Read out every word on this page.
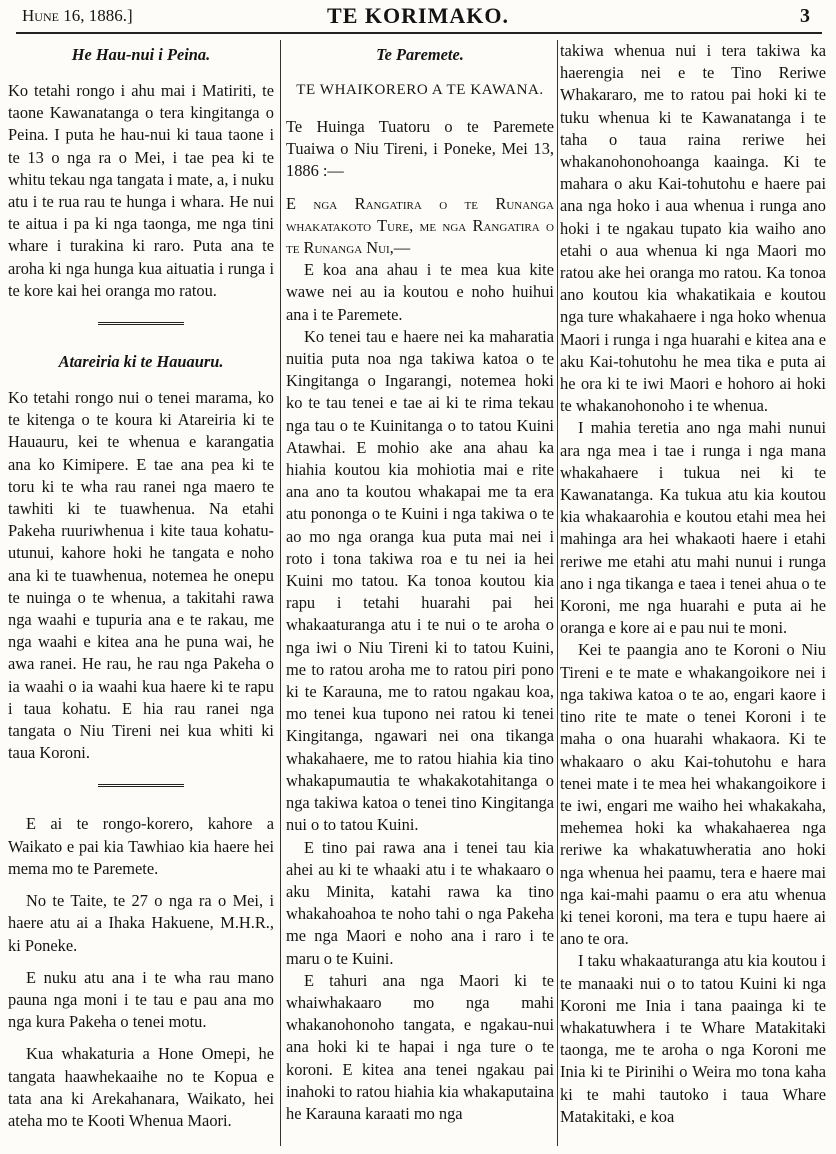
Hune 16, 1886.]	TE KORIMAKO.	3
He Hau-nui i Peina.

Ko tetahi rongo i ahu mai i Matiriti, te taone Kawanatanga o tera kingitanga o Peina. I puta he hau-nui ki taua taone i te 13 o nga ra o Mei, i tae pea ki te whitu tekau nga tangata i mate, a, i nuku atu i te rua rau te hunga i whara. He nui te aitua i pa ki nga taonga, me nga tini whare i turakina ki raro. Puta ana te aroha ki nga hunga kua aituatia i runga i te kore kai hei oranga mo ratou.

Atareiria ki te Hauauru.

Ko tetahi rongo nui o tenei marama, ko te kitenga o te koura ki Atareiria ki te Hauauru, kei te whenua e karangatia ana ko Kimipere. E tae ana pea ki te toru ki te wha rau ranei nga maero te tawhiti ki te tuawhenua. Na etahi Pakeha ruuriwhenua i kite taua kohatu-utunui, kahore hoki he tangata e noho ana ki te tuawhenua, notemea he onepu te nuinga o te whenua, a takitahi rawa nga waahi e tupuria ana e te rakau, me nga waahi e kitea ana he puna wai, he awa ranei. He rau, he rau nga Pakeha o ia waahi o ia waahi kua haere ki te rapu i taua kohatu. E hia rau ranei nga tangata o Niu Tireni nei kua whiti ki taua Koroni.

E ai te rongo-korero, kahore a Waikato e pai kia Tawhiao kia haere hei mema mo te Paremete.

No te Taite, te 27 o nga ra o Mei, i haere atu ai a Ihaka Hakuene, M.H.R., ki Poneke.

E nuku atu ana i te wha rau mano pauna nga moni i te tau e pau ana mo nga kura Pakeha o tenei motu.

Kua whakaturia a Hone Omepi, he tangata haawhekaaihe no te Kopua e tata ana ki Arekahanara, Waikato, hei ateha mo te Kooti Whenua Maori.

Te Paremete.
TE WHAIKORERO A TE KAWANA.

Te Huinga Tuatoru o te Paremete Tuaiwa o Niu Tireni, i Poneke, Mei 13, 1886 :—

E nga Rangatira o te Runanga whakatakoto Ture, me nga Rangatira o te Runanga Nui,—

E koa ana ahau i te mea kua kite wawe nei au ia koutou e noho huihui ana i te Paremete.

Ko tenei tau e haere nei ka maharatia nuitia puta noa nga takiwa katoa o te Kingitanga o Ingarangi, notemea hoki ko te tau tenei e tae ai ki te rima tekau nga tau o te Kuinitanga o to tatou Kuini Atawhai. E mohio ake ana ahau ka hiahia koutou kia mohiotia mai e rite ana ano ta koutou whakapai me ta era atu pononga o te Kuini i nga takiwa o te ao mo nga oranga kua puta mai nei i roto i tona takiwa roa e tu nei ia hei Kuini mo tatou. Ka tonoa koutou kia rapu i tetahi huarahi pai hei whakaaturanga atu i te nui o te aroha o nga iwi o Niu Tireni ki to tatou Kuini, me to ratou aroha me to ratou piri pono ki te Karauna, me to ratou ngakau koa, mo tenei kua tupono nei ratou ki tenei Kingitanga, ngawari nei ona tikanga whakahaere, me to ratou hiahia kia tino whakapumautia te whakakotahitanga o nga takiwa katoa o tenei tino Kingitanga nui o to tatou Kuini.

E tino pai rawa ana i tenei tau kia ahei au ki te whaaki atu i te whakaaro o aku Minita, katahi rawa ka tino whakahoahoa te noho tahi o nga Pakeha me nga Maori e noho ana i raro i te maru o te Kuini.

E tahuri ana nga Maori ki te whaiwhakaaro mo nga mahi whakanohonoho tangata, e ngakau-nui ana hoki ki te hapai i nga ture o te koroni. E kitea ana tenei ngakau pai inahoki to ratou hiahia kia whakaputaina he Karauna karaati mo nga

takiwa whenua nui i tera takiwa ka haerengia nei e te Tino Reriwe Whakararo, me to ratou pai hoki ki te tuku whenua ki te Kawanatanga i te taha o taua raina reriwe hei whakanohonohoanga kaainga. Ki te mahara o aku Kai-tohutohu e haere pai ana nga hoko i aua whenua i runga ano hoki i te ngakau tupato kia waiho ano etahi o aua whenua ki nga Maori mo ratou ake hei oranga mo ratou. Ka tonoa ano koutou kia whakatikaia e koutou nga ture whakahaere i nga hoko whenua Maori i runga i nga huarahi e kitea ana e aku Kai-tohutohu he mea tika e puta ai he ora ki te iwi Maori e hohoro ai hoki te whakanohonoho i te whenua.

I mahia teretia ano nga mahi nunui ara nga mea i tae i runga i nga mana whakahaere i tukua nei ki te Kawanatanga. Ka tukua atu kia koutou kia whakaarohia e koutou etahi mea hei mahinga ara hei whakaoti haere i etahi reriwe me etahi atu mahi nunui i runga ano i nga tikanga e taea i tenei ahua o te Koroni, me nga huarahi e puta ai he oranga e kore ai e pau nui te moni.

Kei te paangia ano te Koroni o Niu Tireni e te mate e whakangoikore nei i nga takiwa katoa o te ao, engari kaore i tino rite te mate o tenei Koroni i te maha o ona huarahi whakaora. Ki te whakaaro o aku Kai-tohutohu e hara tenei mate i te mea hei whakangoikore i te iwi, engari me waiho hei whakakaha, mehemea hoki ka whakahaerea nga reriwe ka whakatuwheratia ano hoki nga whenua hei paamu, tera e haere mai nga kai-mahi paamu o era atu whenua ki tenei koroni, ma tera e tupu haere ai ano te ora.

I taku whakaaturanga atu kia koutou i te manaaki nui o to tatou Kuini ki nga Koroni me Inia i tana paainga ki te whakatuwhera i te Whare Matakitaki taonga, me te aroha o nga Koroni me Inia ki te Pirinihi o Weira mo tona kaha ki te mahi tautoko i taua Whare Matakitaki, e koa
